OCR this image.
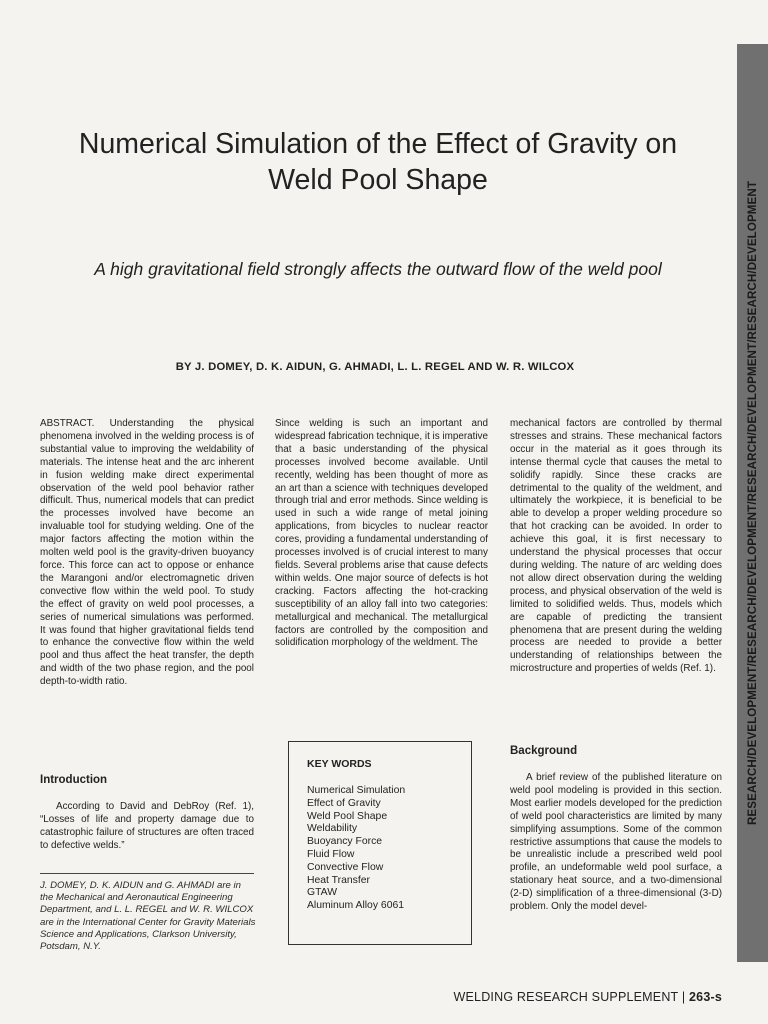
Numerical Simulation of the Effect of Gravity on
Weld Pool Shape

A high gravitational field strongly affects the outward flow of the weld pool

BY J. DOMEY, D. K. AIDUN, G. AHMADI, L. L. REGEL AND W. R. WILCOX

ABSTRACT. Understanding the physical phenomena involved in the welding process is of substantial value to improving the weldability of materials. The intense heat and the arc inherent in fusion welding make direct experimental observation of the weld pool behavior rather difficult. Thus, numerical models that can predict the processes involved have become an invaluable tool for studying welding. One of the major factors affecting the motion within the molten weld pool is the gravity-driven buoyancy force. This force can act to oppose or enhance the Marangoni and/or electromagnetic driven convective flow within the weld pool. To study the effect of gravity on weld pool processes, a series of numerical simulations was performed. It was found that higher gravitational fields tend to enhance the convective flow within the weld pool and thus affect the heat transfer, the depth and width of the two phase region, and the pool depth-to-width ratio.

Introduction

According to David and DebRoy (Ref. 1), “Losses of life and property damage due to catastrophic failure of structures are often traced to defective welds.”

J. DOMEY, D. K. AIDUN and G. AHMADI are in the Mechanical and Aeronautical Engineering Department, and L. L. REGEL and W. R. WILCOX are in the International Center for Gravity Materials Science and Applications, Clarkson University, Potsdam, N.Y.

Since welding is such an important and widespread fabrication technique, it is imperative that a basic understanding of the physical processes involved become available. Until recently, welding has been thought of more as an art than a science with techniques developed through trial and error methods. Since welding is used in such a wide range of metal joining applications, from bicycles to nuclear reactor cores, providing a fundamental understanding of processes involved is of crucial interest to many fields. Several problems arise that cause defects within welds. One major source of defects is hot cracking. Factors affecting the hot-cracking susceptibility of an alloy fall into two categories: metallurgical and mechanical. The metallurgical factors are controlled by the composition and solidification morphology of the weldment. The

KEY WORDS
Numerical Simulation
Effect of Gravity
Weld Pool Shape
Weldability
Buoyancy Force
Fluid Flow
Convective Flow
Heat Transfer
GTAW
Aluminum Alloy 6061

mechanical factors are controlled by thermal stresses and strains. These mechanical factors occur in the material as it goes through its intense thermal cycle that causes the metal to solidify rapidly. Since these cracks are detrimental to the quality of the weldment, and ultimately the workpiece, it is beneficial to be able to develop a proper welding procedure so that hot cracking can be avoided. In order to achieve this goal, it is first necessary to understand the physical processes that occur during welding. The nature of arc welding does not allow direct observation during the welding process, and physical observation of the weld is limited to solidified welds. Thus, models which are capable of predicting the transient phenomena that are present during the welding process are needed to provide a better understanding of relationships between the microstructure and properties of welds (Ref. 1).

Background

A brief review of the published literature on weld pool modeling is provided in this section. Most earlier models developed for the prediction of weld pool characteristics are limited by many simplifying assumptions. Some of the common restrictive assumptions that cause the models to be unrealistic include a prescribed weld pool profile, an undeformable weld pool surface, a stationary heat source, and a two-dimensional (2-D) simplification of a three-dimensional (3-D) problem. Only the model devel-

RESEARCH/DEVELOPMENT/RESEARCH/DEVELOPMENT/RESEARCH/DEVELOPMENT/RESEARCH/DEVELOPMENT
WELDING RESEARCH SUPPLEMENT | 263-s
